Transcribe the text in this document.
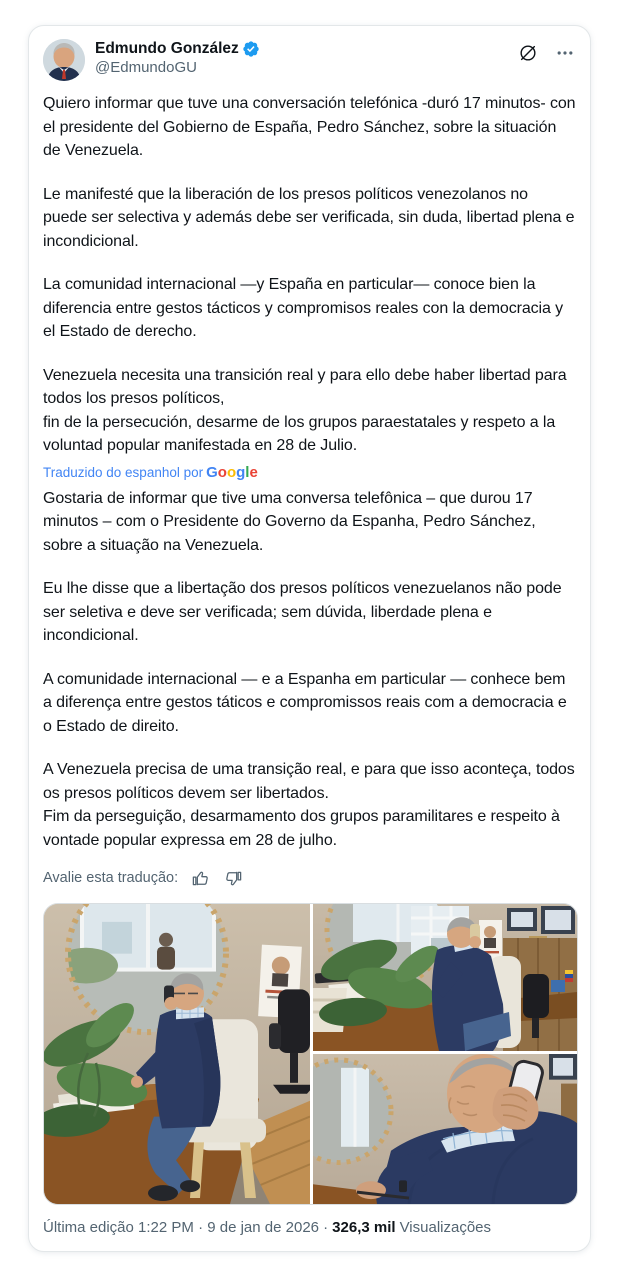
Edmundo González
@EdmundoGU

Quiero informar que tuve una conversación telefónica -duró 17 minutos- con el presidente del Gobierno de España, Pedro Sánchez, sobre la situación de Venezuela.

Le manifesté que la liberación de los presos políticos venezolanos no puede ser selectiva y además debe ser verificada, sin duda, libertad plena e incondicional.

La comunidad internacional —y España en particular— conoce bien la diferencia entre gestos tácticos y compromisos reales con la democracia y el Estado de derecho.

Venezuela necesita una transición real y para ello debe haber libertad para todos los presos políticos,
fin de la persecución, desarme de los grupos paraestatales y respeto a la voluntad popular manifestada en 28 de Julio.

Traduzido do espanhol por Google

Gostaria de informar que tive uma conversa telefônica – que durou 17 minutos – com o Presidente do Governo da Espanha, Pedro Sánchez, sobre a situação na Venezuela.

Eu lhe disse que a libertação dos presos políticos venezuelanos não pode ser seletiva e deve ser verificada; sem dúvida, liberdade plena e incondicional.

A comunidade internacional — e a Espanha em particular — conhece bem a diferença entre gestos táticos e compromissos reais com a democracia e o Estado de direito.

A Venezuela precisa de uma transição real, e para que isso aconteça, todos os presos políticos devem ser libertados.
Fim da perseguição, desarmamento dos grupos paramilitares e respeito à vontade popular expressa em 28 de julho.

Avalie esta tradução:
Última edição 1:22 PM · 9 de jan de 2026 · 326,3 mil Visualizações
